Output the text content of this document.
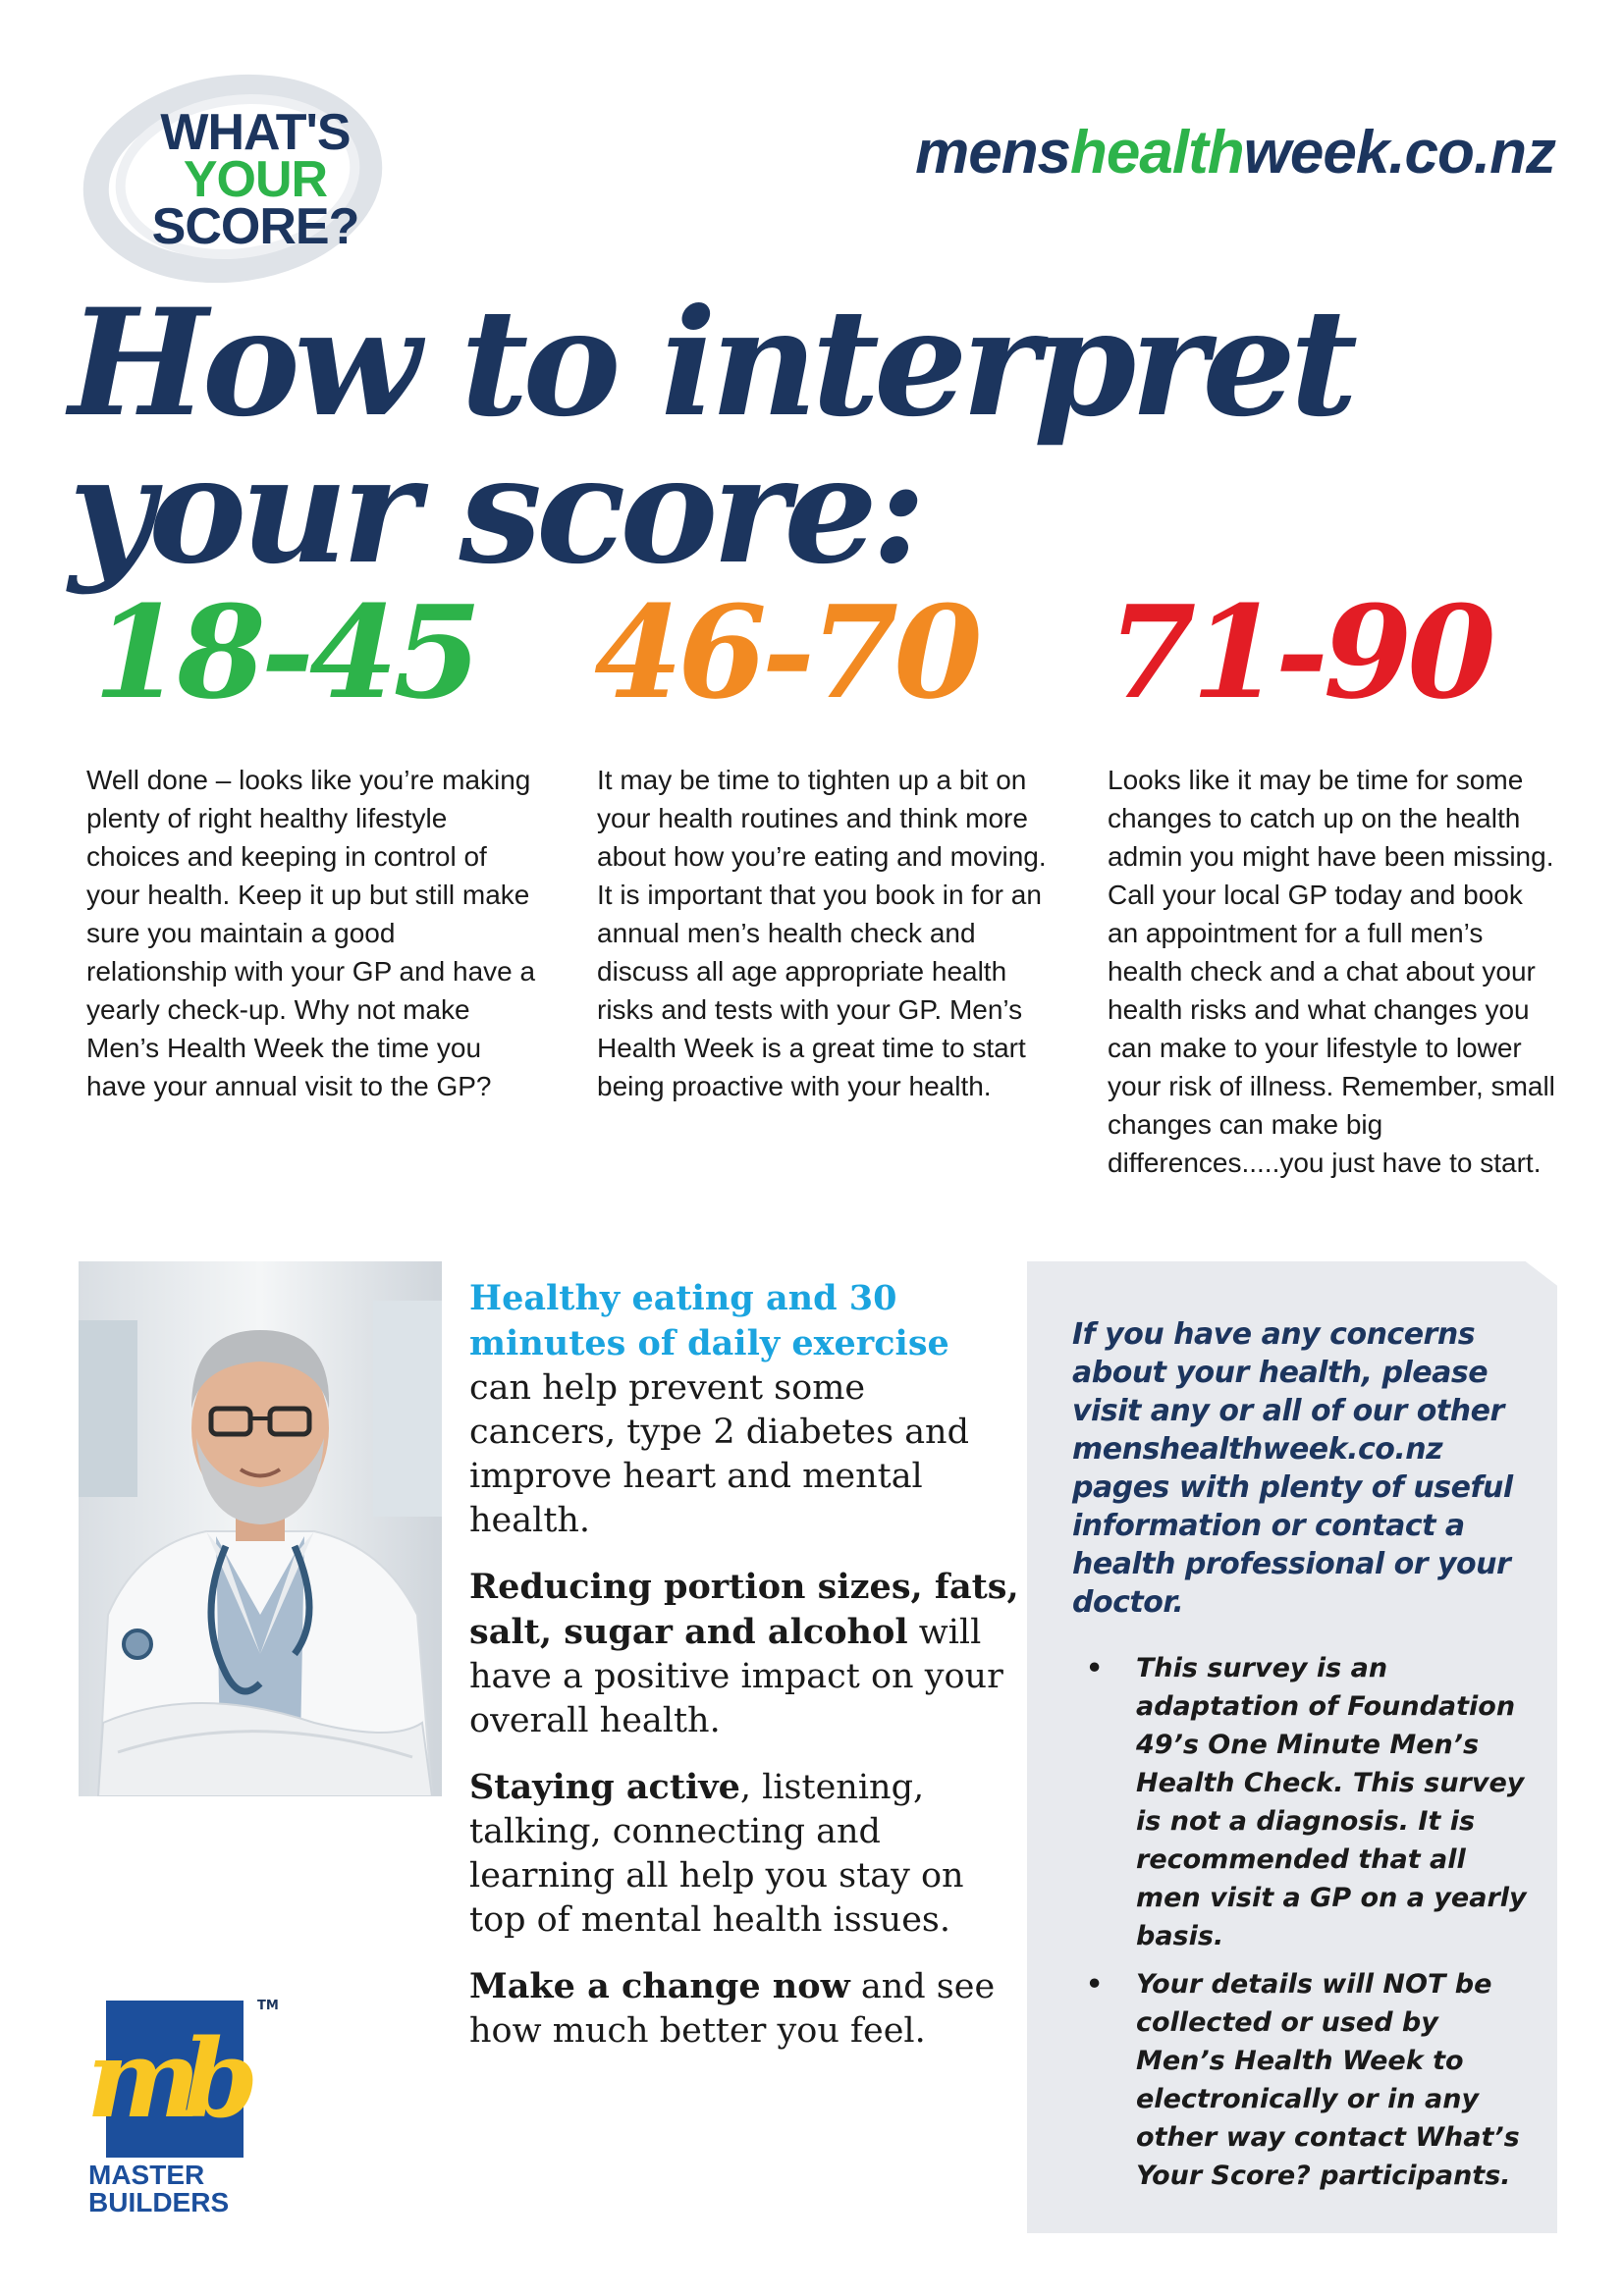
WHAT'S
YOUR
SCORE?
menshealthweek.co.nz
How to interpret
your score:
18-45 46-70 71-90
Well done – looks like you’re making plenty of right healthy lifestyle choices and keeping in control of your health. Keep it up but still make sure you maintain a good relationship with your GP and have a yearly check-up. Why not make Men’s Health Week the time you have your annual visit to the GP?
It may be time to tighten up a bit on your health routines and think more about how you’re eating and moving. It is important that you book in for an annual men’s health check and discuss all age appropriate health risks and tests with your GP. Men’s Health Week is a great time to start being proactive with your health.
Looks like it may be time for some changes to catch up on the health admin you might have been missing. Call your local GP today and book an appointment for a full men’s health check and a chat about your health risks and what changes you can make to your lifestyle to lower your risk of illness. Remember, small changes can make big differences.....you just have to start.

Healthy eating and 30 minutes of daily exercise can help prevent some cancers, type 2 diabetes and improve heart and mental health.

Reducing portion sizes, fats, salt, sugar and alcohol will have a positive impact on your overall health.

Staying active, listening, talking, connecting and learning all help you stay on top of mental health issues.

Make a change now and see how much better you feel.

If you have any concerns about your health, please visit any or all of our other menshealthweek.co.nz pages with plenty of useful information or contact a health professional or your doctor.
• This survey is an adaptation of Foundation 49’s One Minute Men’s Health Check. This survey is not a diagnosis. It is recommended that all men visit a GP on a yearly basis.
• Your details will NOT be collected or used by Men’s Health Week to electronically or in any other way contact What’s Your Score? participants.
mb
TM
MASTER
BUILDERS
